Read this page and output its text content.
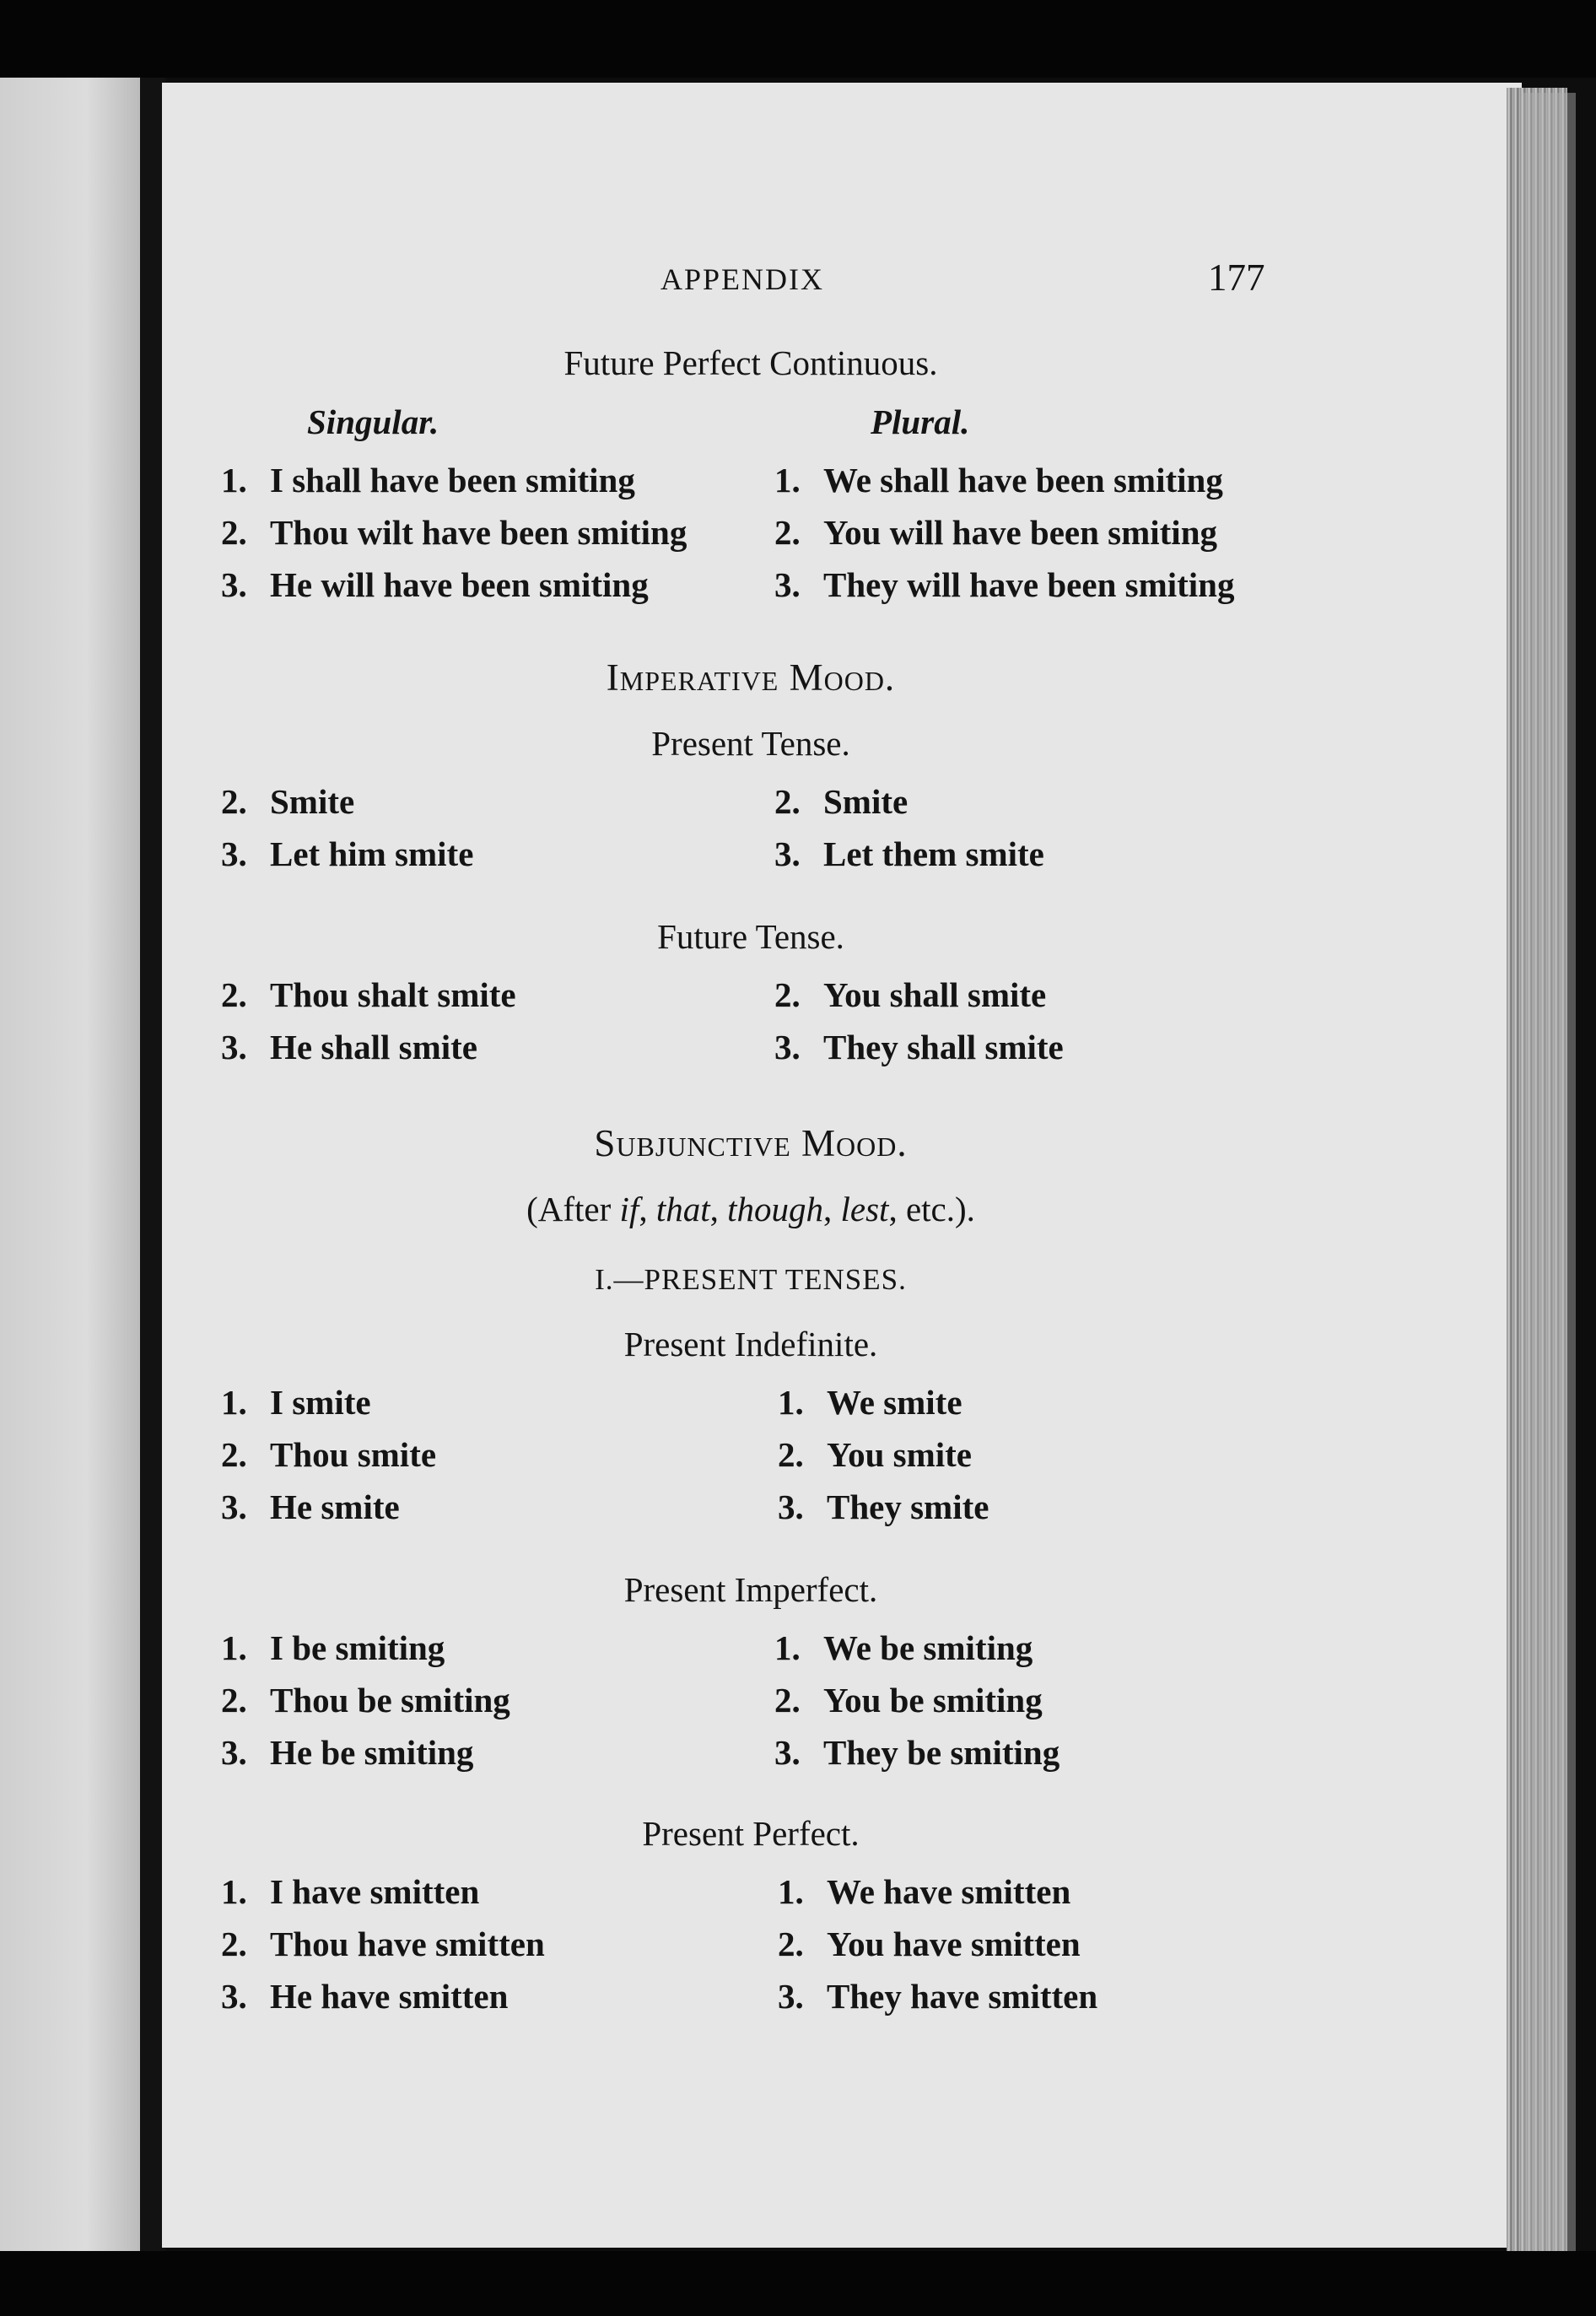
APPENDIX	177
Future Perfect Continuous.
Singular.	Plural.
1. I shall have been smiting
2. Thou wilt have been smiting
3. He will have been smiting
1. We shall have been smiting
2. You will have been smiting
3. They will have been smiting
Imperative Mood.
Present Tense.
2. Smite
3. Let him smite
2. Smite
3. Let them smite
Future Tense.
2. Thou shalt smite
3. He shall smite
2. You shall smite
3. They shall smite
Subjunctive Mood.
(After if, that, though, lest, etc.).
I.—PRESENT TENSES.
Present Indefinite.
1. I smite
2. Thou smite
3. He smite
1. We smite
2. You smite
3. They smite
Present Imperfect.
1. I be smiting
2. Thou be smiting
3. He be smiting
1. We be smiting
2. You be smiting
3. They be smiting
Present Perfect.
1. I have smitten
2. Thou have smitten
3. He have smitten
1. We have smitten
2. You have smitten
3. They have smitten
